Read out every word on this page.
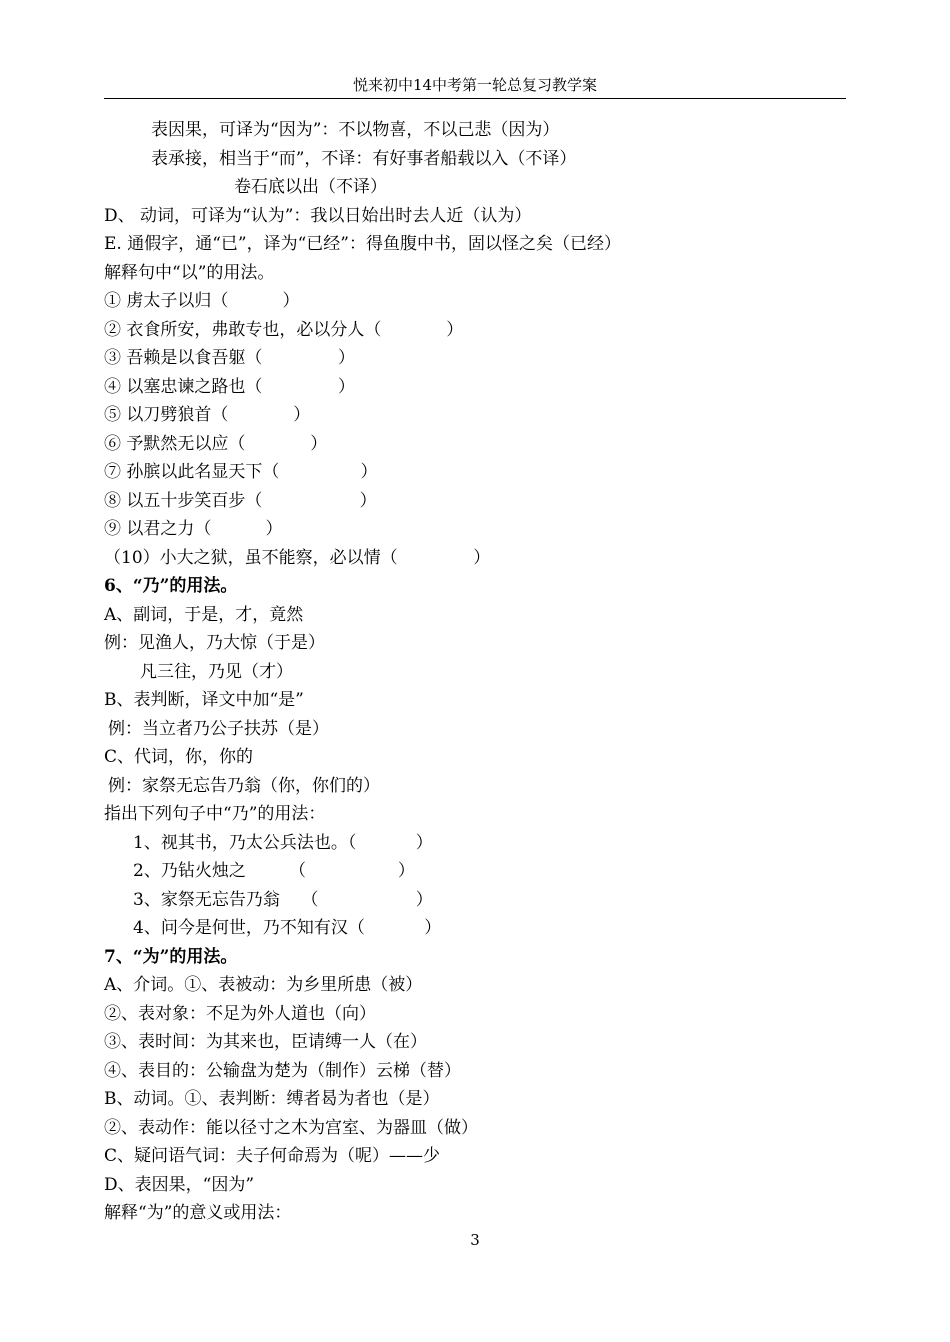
悦来初中14中考第一轮总复习教学案
表因果，可译为“因为”：不以物喜，不以己悲（因为）
表承接，相当于“而”，不译：有好事者船载以入（不译）
卷石底以出（不译）
D、 动词，可译为“认为”：我以日始出时去人近（认为）
E. 通假字，通“已”，译为“已经”：得鱼腹中书，固以怪之矣（已经）
解释句中“以”的用法。
① 虏太子以归（          ）
② 衣食所安，弗敢专也，必以分人（            ）
③ 吾赖是以食吾躯（              ）
④ 以塞忠谏之路也（              ）
⑤ 以刀劈狼首（            ）
⑥ 予默然无以应（            ）
⑦ 孙膑以此名显天下（               ）
⑧ 以五十步笑百步（                  ）
⑨ 以君之力（          ）
（10）小大之狱，虽不能察，必以情（              ）
6、“乃”的用法。
A、副词，于是，才，竟然
例：见渔人，乃大惊（于是）
凡三往，乃见（才）
B、表判断，译文中加“是”
例：当立者乃公子扶苏（是）
C、代词，你，你的
例：家祭无忘告乃翁（你，你们的）
指出下列句子中“乃”的用法：
1、视其书，乃太公兵法也。（           ）
2、乃钻火烛之        （                 ）
3、家祭无忘告乃翁    （                  ）
4、问今是何世，乃不知有汉（           ）
7、“为”的用法。
A、介词。①、表被动：为乡里所患（被）
②、表对象：不足为外人道也（向）
③、表时间：为其来也，臣请缚一人（在）
④、表目的：公输盘为楚为（制作）云梯（替）
B、动词。①、表判断：缚者曷为者也（是）
②、表动作：能以径寸之木为宫室、为器皿（做）
C、疑问语气词：夫子何命焉为（呢）——少
D、表因果，“因为”
解释“为”的意义或用法：
3
